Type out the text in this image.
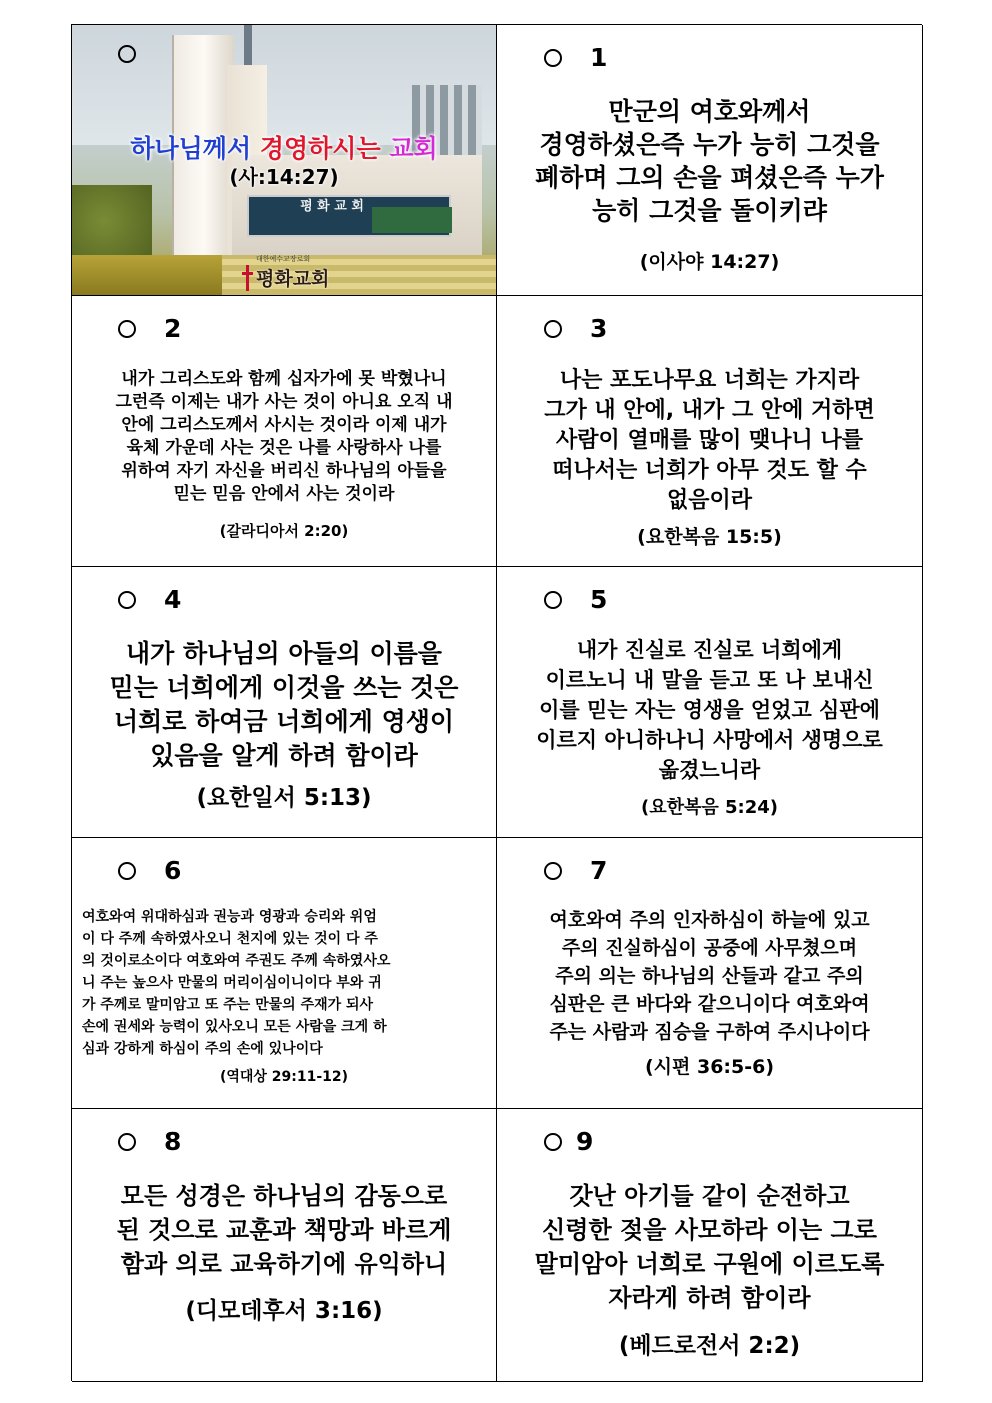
하나님께서 경영하시는 교회
(사:14:27)
평 화 교 회
대한예수교장로회
평화교회
1
만군의 여호와께서
경영하셨은즉 누가 능히 그것을
폐하며 그의 손을 펴셨은즉 누가
능히 그것을 돌이키랴
(이사야 14:27)
2
내가 그리스도와 함께 십자가에 못 박혔나니
그런즉 이제는 내가 사는 것이 아니요 오직 내
안에 그리스도께서 사시는 것이라 이제 내가
육체 가운데 사는 것은 나를 사랑하사 나를
위하여 자기 자신을 버리신 하나님의 아들을
믿는 믿음 안에서 사는 것이라
(갈라디아서 2:20)
3
나는 포도나무요 너희는 가지라
그가 내 안에, 내가 그 안에 거하면
사람이 열매를 많이 맺나니 나를
떠나서는 너희가 아무 것도 할 수
없음이라
(요한복음 15:5)
4
내가 하나님의 아들의 이름을
믿는 너희에게 이것을 쓰는 것은
너희로 하여금 너희에게 영생이
있음을 알게 하려 함이라
(요한일서 5:13)
5
내가 진실로 진실로 너희에게
이르노니 내 말을 듣고 또 나 보내신
이를 믿는 자는 영생을 얻었고 심판에
이르지 아니하나니 사망에서 생명으로
옮겼느니라
(요한복음 5:24)
6
여호와여 위대하심과 권능과 영광과 승리와 위엄
이 다 주께 속하였사오니 천지에 있는 것이 다 주
의 것이로소이다 여호와여 주권도 주께 속하였사오
니 주는 높으사 만물의 머리이심이니이다 부와 귀
가 주께로 말미암고 또 주는 만물의 주재가 되사
손에 권세와 능력이 있사오니 모든 사람을 크게 하
심과 강하게 하심이 주의 손에 있나이다
(역대상 29:11-12)
7
여호와여 주의 인자하심이 하늘에 있고
주의 진실하심이 공중에 사무쳤으며
주의 의는 하나님의 산들과 같고 주의
심판은 큰 바다와 같으니이다 여호와여
주는 사람과 짐승을 구하여 주시나이다
(시편 36:5-6)
8
모든 성경은 하나님의 감동으로
된 것으로 교훈과 책망과 바르게
함과 의로 교육하기에 유익하니
(디모데후서 3:16)
9
갓난 아기들 같이 순전하고
신령한 젖을 사모하라 이는 그로
말미암아 너희로 구원에 이르도록
자라게 하려 함이라
(베드로전서 2:2)
